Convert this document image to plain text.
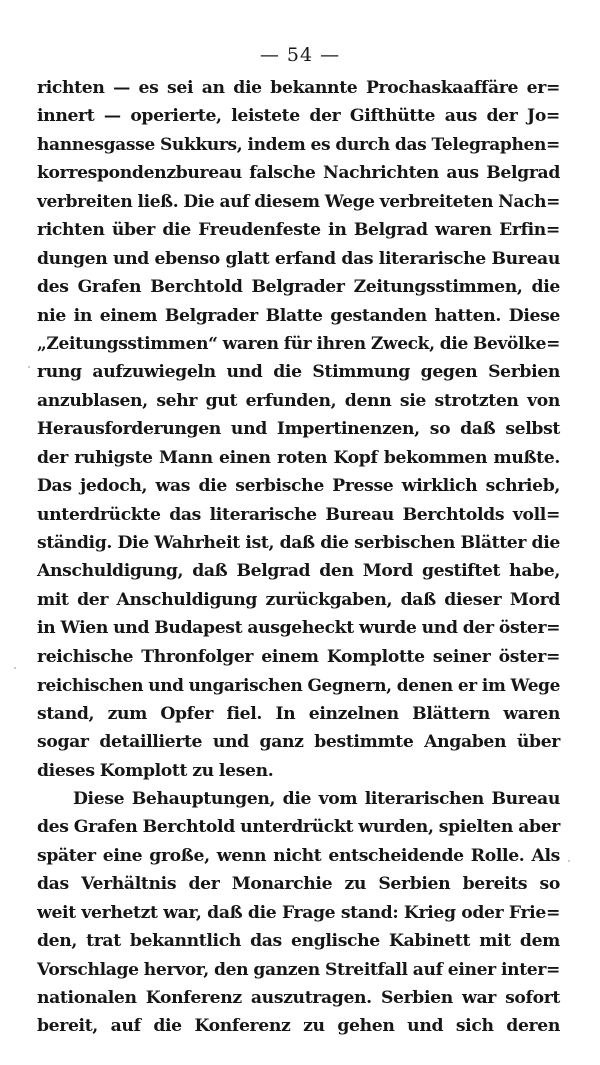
— 54 —
richten — es sei an die bekannte Prochaskaaffäre er=
innert — operierte, leistete der Gifthütte aus der Jo=
hannesgasse Sukkurs, indem es durch das Telegraphen=
korrespondenzbureau falsche Nachrichten aus Belgrad
verbreiten ließ. Die auf diesem Wege verbreiteten Nach=
richten über die Freudenfeste in Belgrad waren Erfin=
dungen und ebenso glatt erfand das literarische Bureau
des Grafen Berchtold Belgrader Zeitungsstimmen, die
nie in einem Belgrader Blatte gestanden hatten. Diese
„Zeitungsstimmen“ waren für ihren Zweck, die Bevölke=
rung aufzuwiegeln und die Stimmung gegen Serbien
anzublasen, sehr gut erfunden, denn sie strotzten von
Herausforderungen und Impertinenzen, so daß selbst
der ruhigste Mann einen roten Kopf bekommen mußte.
Das jedoch, was die serbische Presse wirklich schrieb,
unterdrückte das literarische Bureau Berchtolds voll=
ständig. Die Wahrheit ist, daß die serbischen Blätter die
Anschuldigung, daß Belgrad den Mord gestiftet habe,
mit der Anschuldigung zurückgaben, daß dieser Mord
in Wien und Budapest ausgeheckt wurde und der öster=
reichische Thronfolger einem Komplotte seiner öster=
reichischen und ungarischen Gegnern, denen er im Wege
stand, zum Opfer fiel. In einzelnen Blättern waren
sogar detaillierte und ganz bestimmte Angaben über
dieses Komplott zu lesen.
Diese Behauptungen, die vom literarischen Bureau
des Grafen Berchtold unterdrückt wurden, spielten aber
später eine große, wenn nicht entscheidende Rolle. Als
das Verhältnis der Monarchie zu Serbien bereits so
weit verhetzt war, daß die Frage stand: Krieg oder Frie=
den, trat bekanntlich das englische Kabinett mit dem
Vorschlage hervor, den ganzen Streitfall auf einer inter=
nationalen Konferenz auszutragen. Serbien war sofort
bereit, auf die Konferenz zu gehen und sich deren
